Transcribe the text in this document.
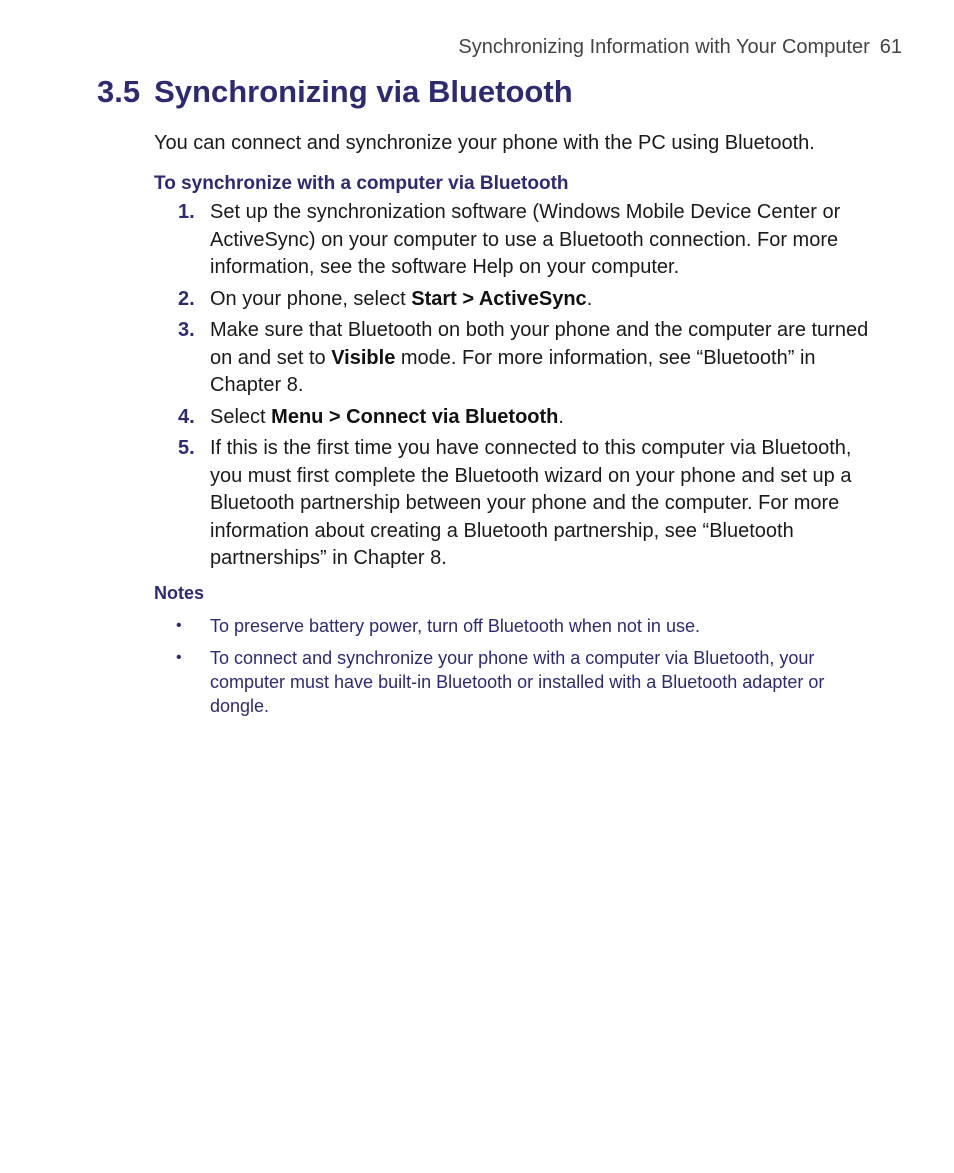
Synchronizing Information with Your Computer 61
3.5 Synchronizing via Bluetooth

You can connect and synchronize your phone with the PC using Bluetooth.

To synchronize with a computer via Bluetooth
1. Set up the synchronization software (Windows Mobile Device Center or ActiveSync) on your computer to use a Bluetooth connection. For more information, see the software Help on your computer.
2. On your phone, select Start > ActiveSync.
3. Make sure that Bluetooth on both your phone and the computer are turned on and set to Visible mode. For more information, see “Bluetooth” in Chapter 8.
4. Select Menu > Connect via Bluetooth.
5. If this is the first time you have connected to this computer via Bluetooth, you must first complete the Bluetooth wizard on your phone and set up a Bluetooth partnership between your phone and the computer. For more information about creating a Bluetooth partnership, see “Bluetooth partnerships” in Chapter 8.
Notes
•	To preserve battery power, turn off Bluetooth when not in use.
•	To connect and synchronize your phone with a computer via Bluetooth, your computer must have built-in Bluetooth or installed with a Bluetooth adapter or dongle.
